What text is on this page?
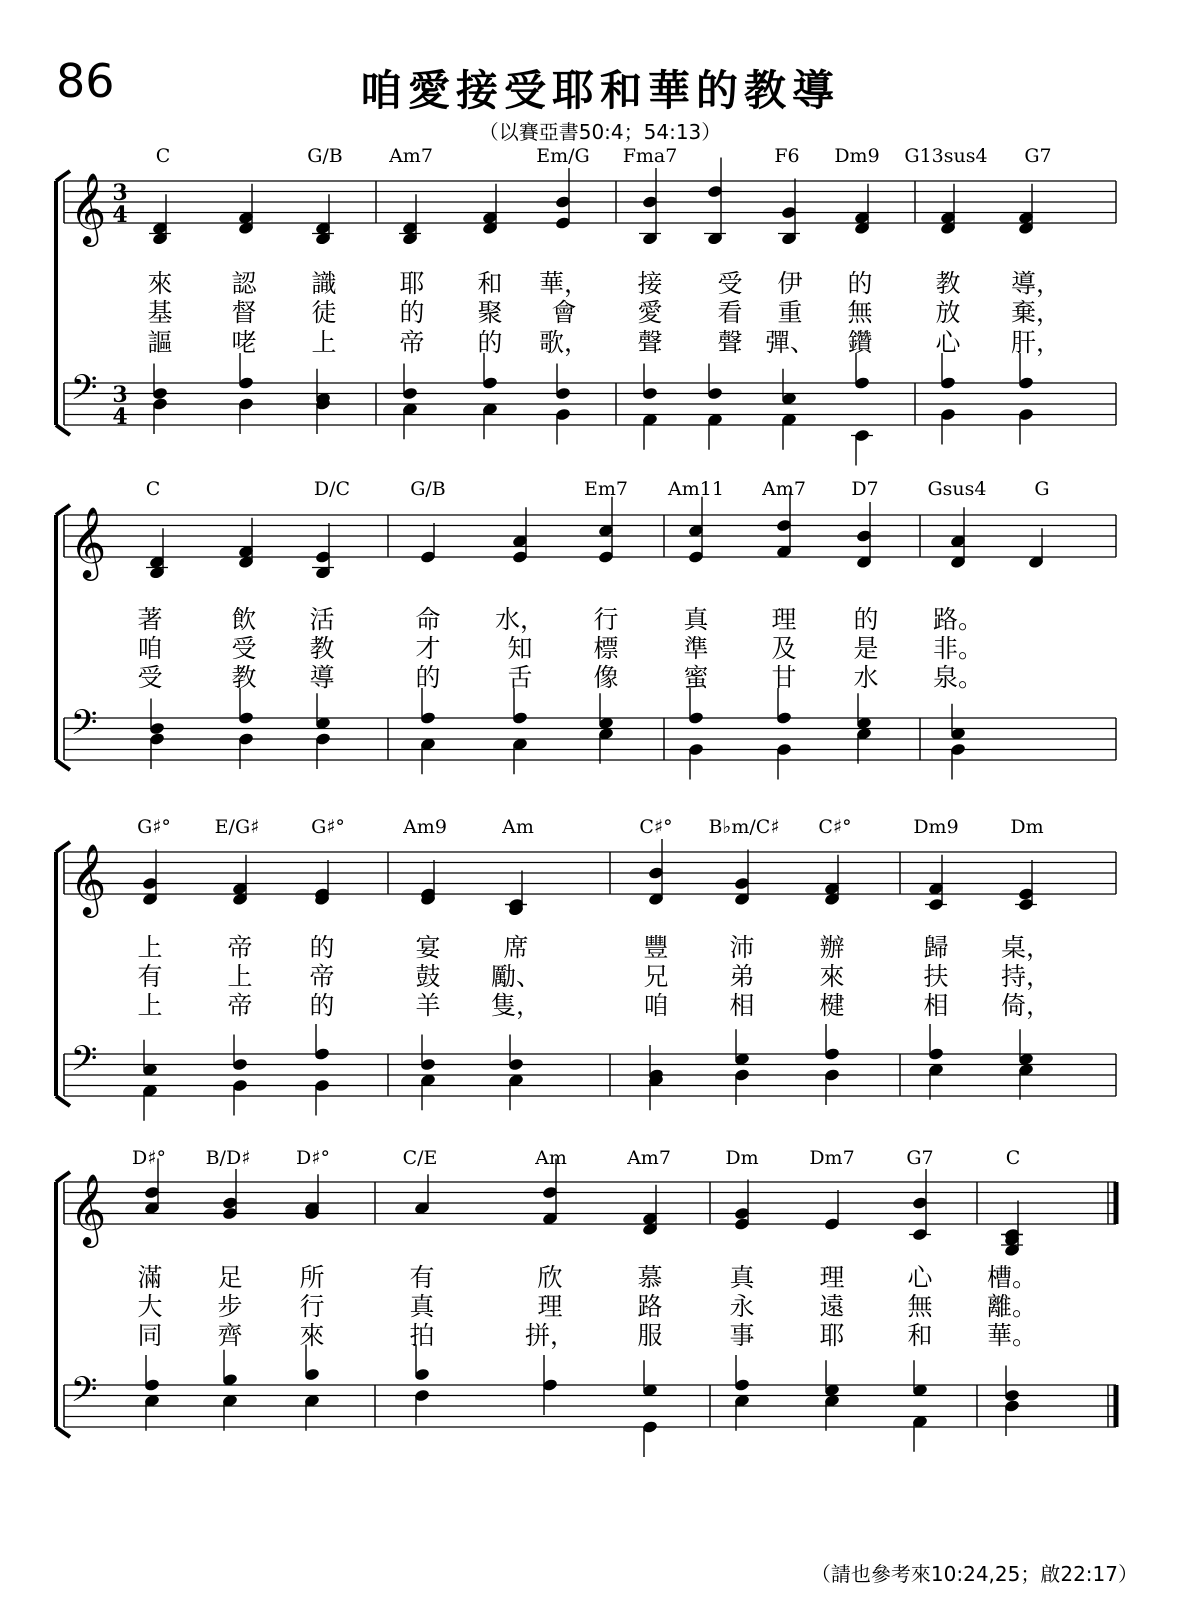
86	咱愛接受耶和華的教導
（以賽亞書50:4；54:13）
𝄞 3
4
𝄢 3
4
C	G/B Am7	Em/G Fma7	F6 Dm9 G13sus4 G7
來 認 識	耶 和 華， 接 受 伊 的	教 導，
基 督 徒	的 聚 會 愛 看 重 無	放 棄，
謳 咾 上	帝 的 歌， 聲 聲 彈、 鑽	心 肝，
𝄞
𝄢
C	D/C	G/B	Em7 Am11 Am7 D7	Gsus4	G
著	飲 活	命 水， 行	真	理 的 路。
咱	受 教	才	知 標	準	及 是 非。
受	教 導	的	舌 像	蜜	甘 水 泉。
𝄞
𝄢
G♯° E/G♯	G♯°	Am9	Am	C♯° B♭m/C♯ C♯°	Dm9	Dm
上	帝 的	宴	席	豐 沛	辦	歸 桌，
有	上 帝	鼓 勵、	兄 弟	來	扶 持，
上	帝 的	羊 隻，	咱 相	楗	相 倚，
𝄞
𝄢
D♯° B/D♯ D♯°	C/E	Am	Am7	Dm	Dm7	G7	C
滿 足 所	有	欣	慕	真	理	心 槽。
大 步 行	真	理	路	永	遠	無 離。
同 齊 來	拍	拼， 服	事	耶	和 華。
（請也參考來10:24,25；啟22:17）
